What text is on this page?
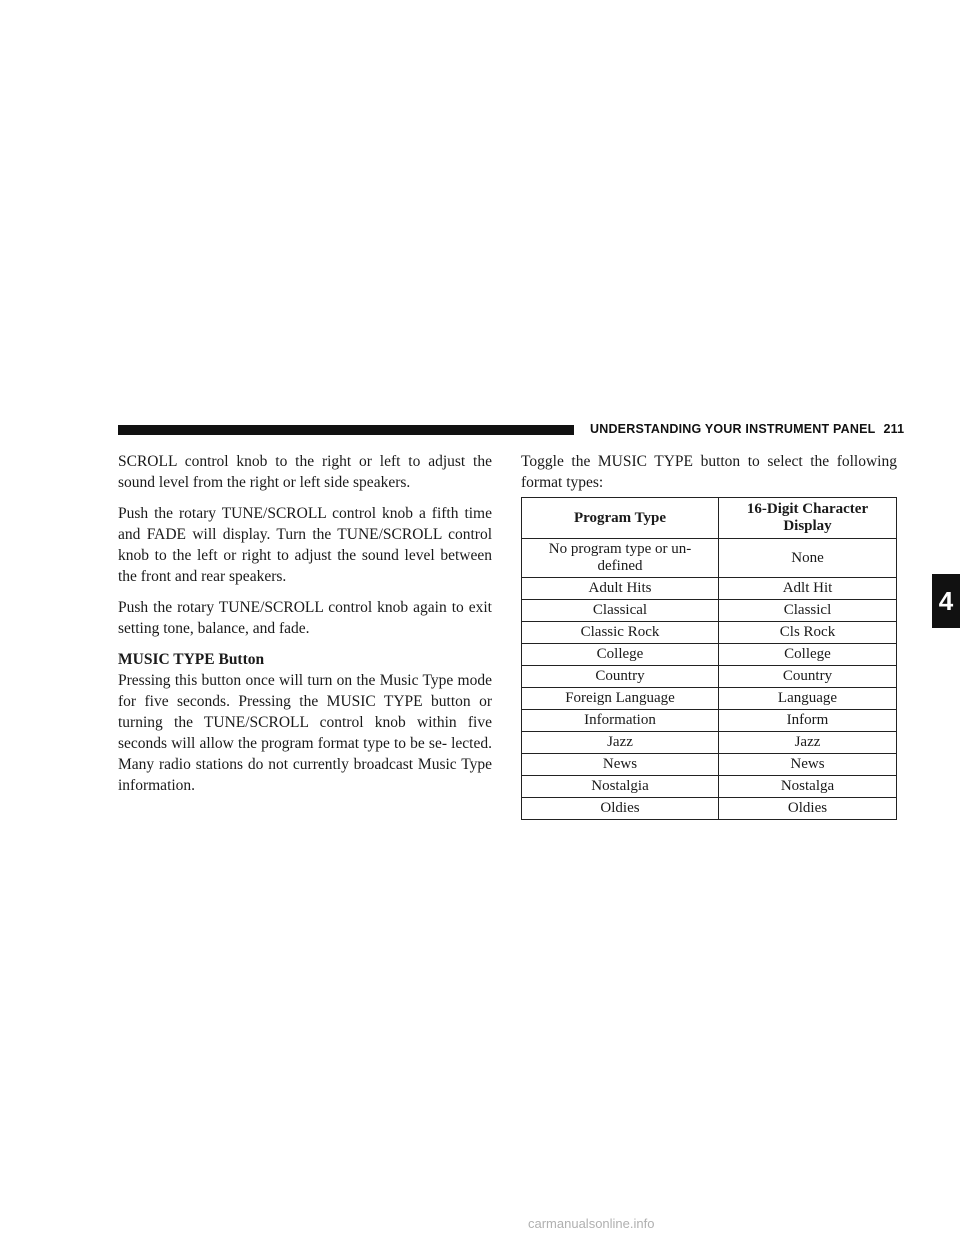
UNDERSTANDING YOUR INSTRUMENT PANEL 211
4

SCROLL control knob to the right or left to adjust the sound level from the right or left side speakers.

Push the rotary TUNE/SCROLL control knob a fifth time and FADE will display. Turn the TUNE/SCROLL control knob to the left or right to adjust the sound level between the front and rear speakers.

Push the rotary TUNE/SCROLL control knob again to exit setting tone, balance, and fade.

MUSIC TYPE Button

Pressing this button once will turn on the Music Type mode for five seconds. Pressing the MUSIC TYPE button or turning the TUNE/SCROLL control knob within five seconds will allow the program format type to be se- lected. Many radio stations do not currently broadcast Music Type information.

Toggle the MUSIC TYPE button to select the following format types:

Program Type	16-Digit Character Display
No program type or un- defined	None
Adult Hits	Adlt Hit
Classical	Classicl
Classic Rock	Cls Rock
College	College
Country	Country
Foreign Language	Language
Information	Inform
Jazz	Jazz
News	News
Nostalgia	Nostalga
Oldies	Oldies
carmanualsonline.info
